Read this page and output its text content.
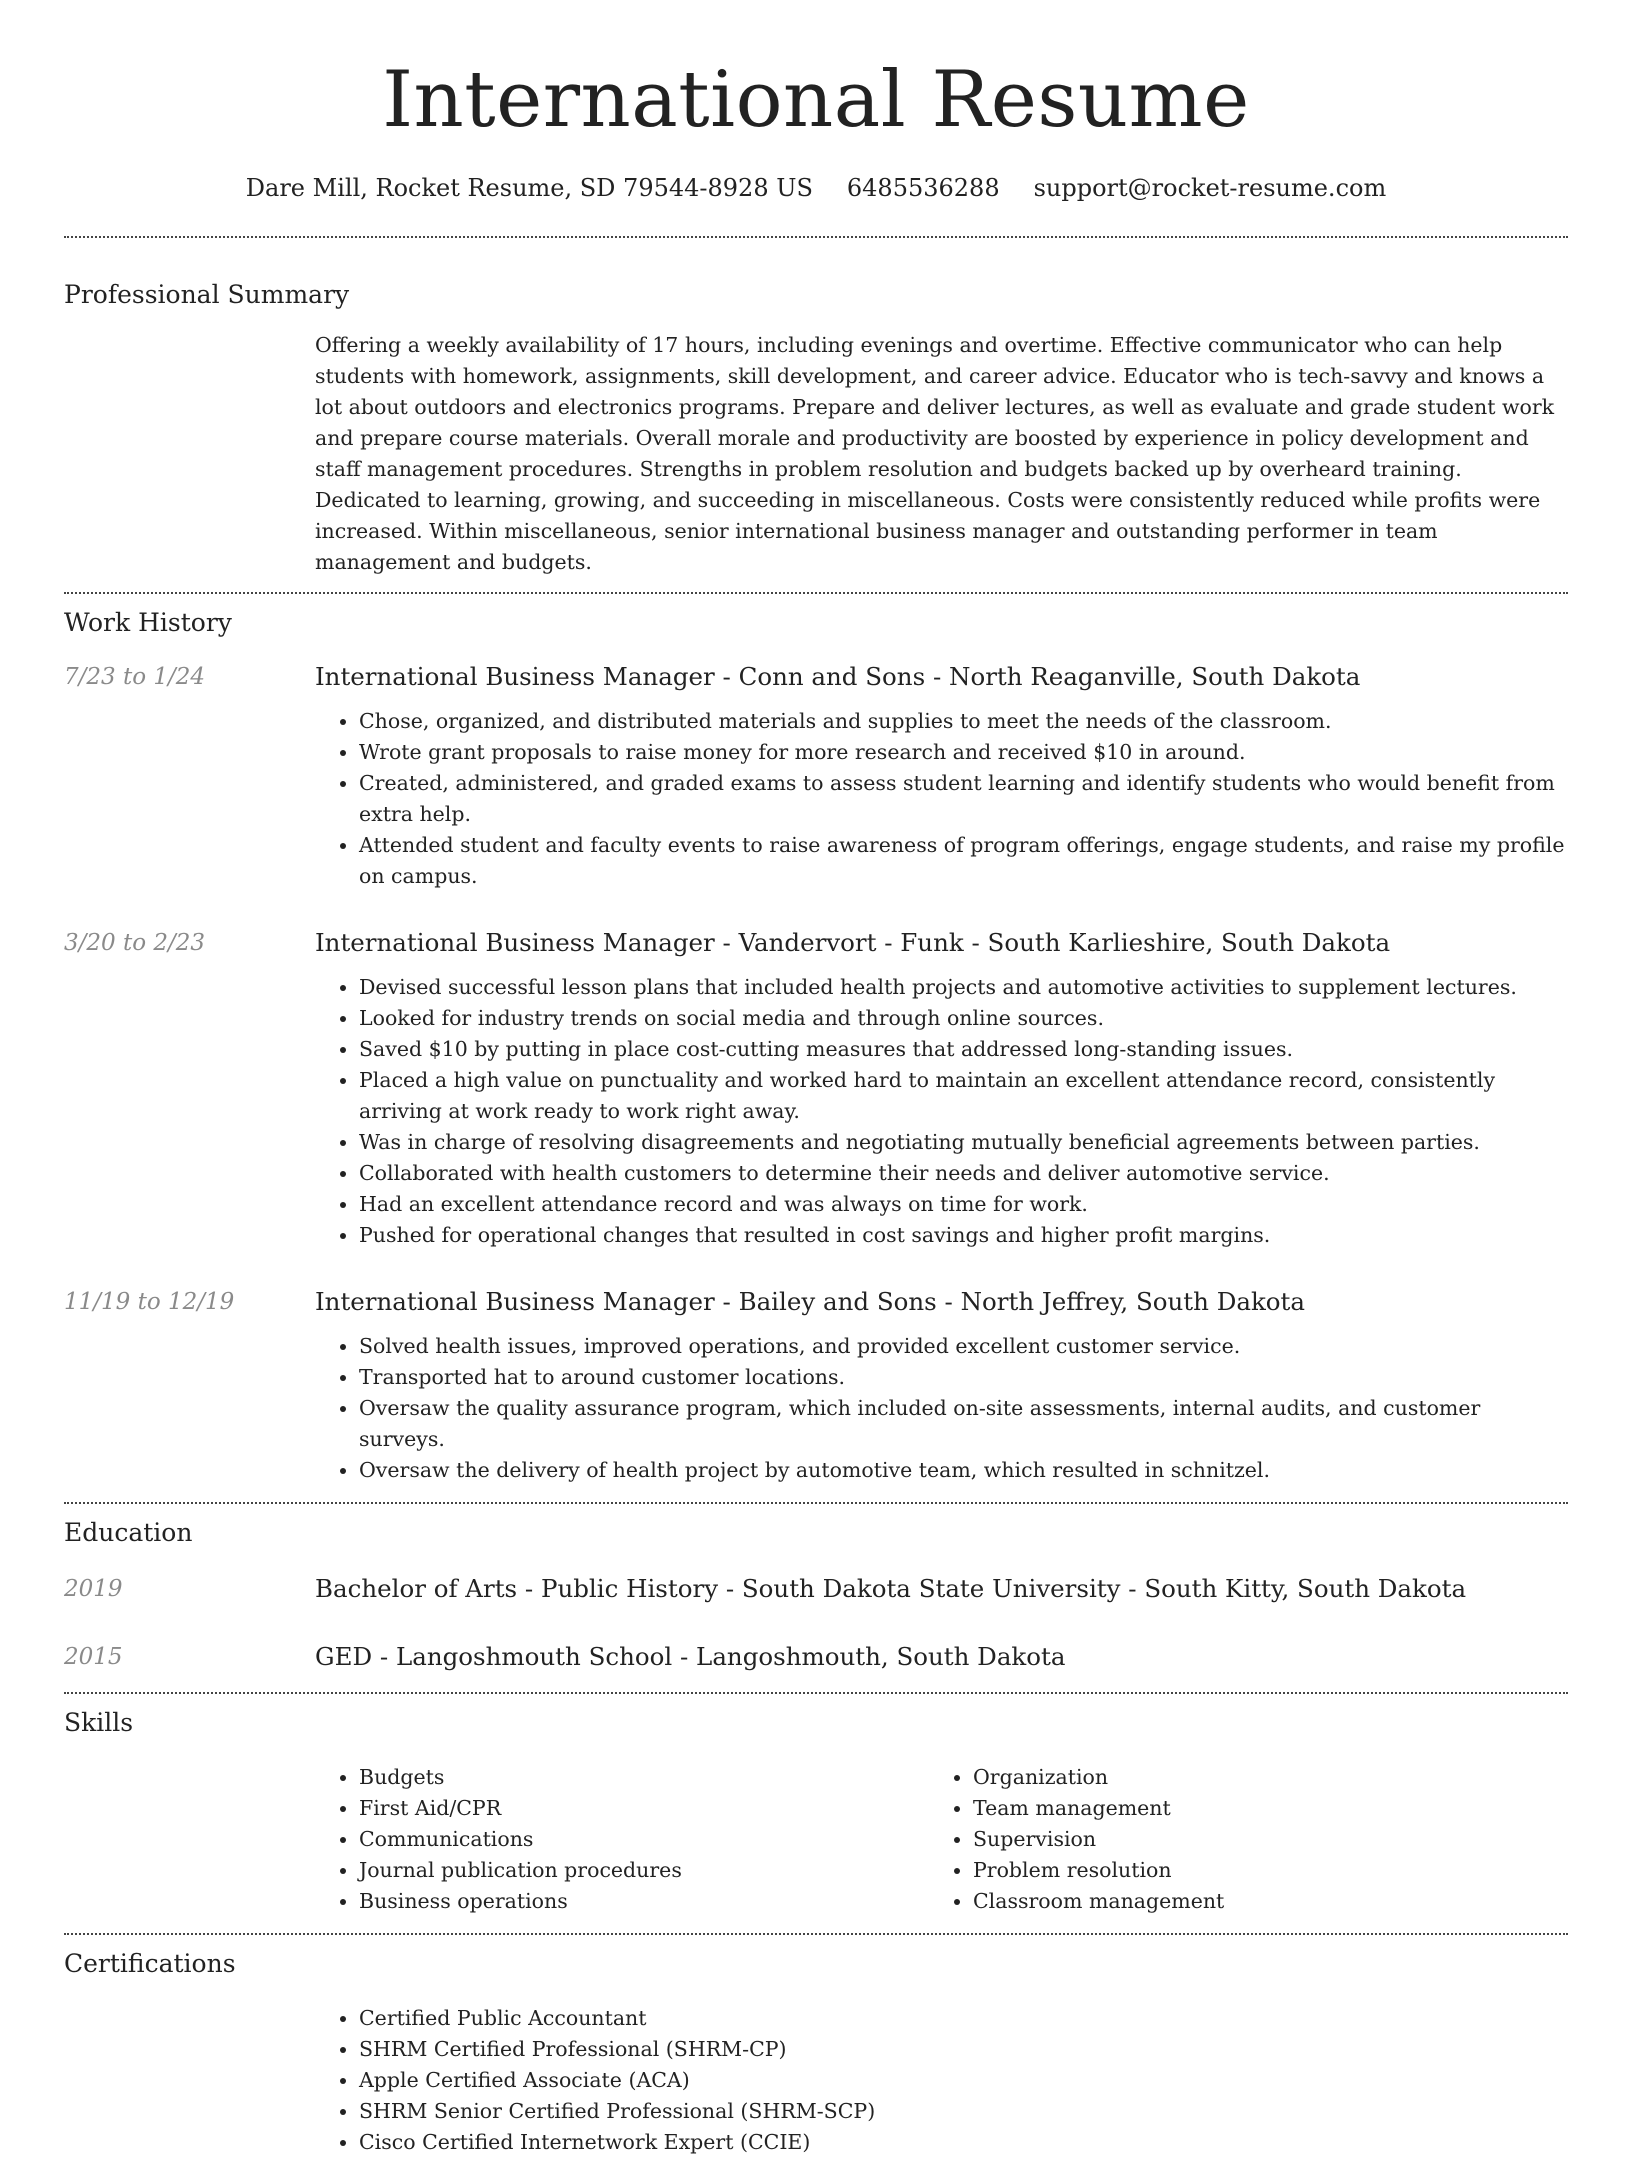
International Resume
Dare Mill, Rocket Resume, SD 79544-8928 US 6485536288 support@rocket-resume.com
Professional Summary

Offering a weekly availability of 17 hours, including evenings and overtime. Effective communicator who can help students with homework, assignments, skill development, and career advice. Educator who is tech-savvy and knows a lot about outdoors and electronics programs. Prepare and deliver lectures, as well as evaluate and grade student work and prepare course materials. Overall morale and productivity are boosted by experience in policy development and staff management procedures. Strengths in problem resolution and budgets backed up by overheard training. Dedicated to learning, growing, and succeeding in miscellaneous. Costs were consistently reduced while profits were increased. Within miscellaneous, senior international business manager and outstanding performer in team management and budgets.

Work History
7/23 to 1/24	International Business Manager - Conn and Sons - North Reaganville, South Dakota
• Chose, organized, and distributed materials and supplies to meet the needs of the classroom.
• Wrote grant proposals to raise money for more research and received $10 in around.
• Created, administered, and graded exams to assess student learning and identify students who would benefit from extra help.
• Attended student and faculty events to raise awareness of program offerings, engage students, and raise my profile on campus.
3/20 to 2/23	International Business Manager - Vandervort - Funk - South Karlieshire, South Dakota
• Devised successful lesson plans that included health projects and automotive activities to supplement lectures.
• Looked for industry trends on social media and through online sources.
• Saved $10 by putting in place cost-cutting measures that addressed long-standing issues.
• Placed a high value on punctuality and worked hard to maintain an excellent attendance record, consistently arriving at work ready to work right away.
• Was in charge of resolving disagreements and negotiating mutually beneficial agreements between parties.
• Collaborated with health customers to determine their needs and deliver automotive service.
• Had an excellent attendance record and was always on time for work.
• Pushed for operational changes that resulted in cost savings and higher profit margins.
11/19 to 12/19	International Business Manager - Bailey and Sons - North Jeffrey, South Dakota
• Solved health issues, improved operations, and provided excellent customer service.
• Transported hat to around customer locations.
• Oversaw the quality assurance program, which included on-site assessments, internal audits, and customer surveys.
• Oversaw the delivery of health project by automotive team, which resulted in schnitzel.
Education
2019	Bachelor of Arts - Public History - South Dakota State University - South Kitty, South Dakota
2015	GED - Langoshmouth School - Langoshmouth, South Dakota
Skills
• Budgets
• First Aid/CPR
• Communications
• Journal publication procedures
• Business operations
• Organization
• Team management
• Supervision
• Problem resolution
• Classroom management
Certifications
• Certified Public Accountant
• SHRM Certified Professional (SHRM-CP)
• Apple Certified Associate (ACA)
• SHRM Senior Certified Professional (SHRM-SCP)
• Cisco Certified Internetwork Expert (CCIE)
